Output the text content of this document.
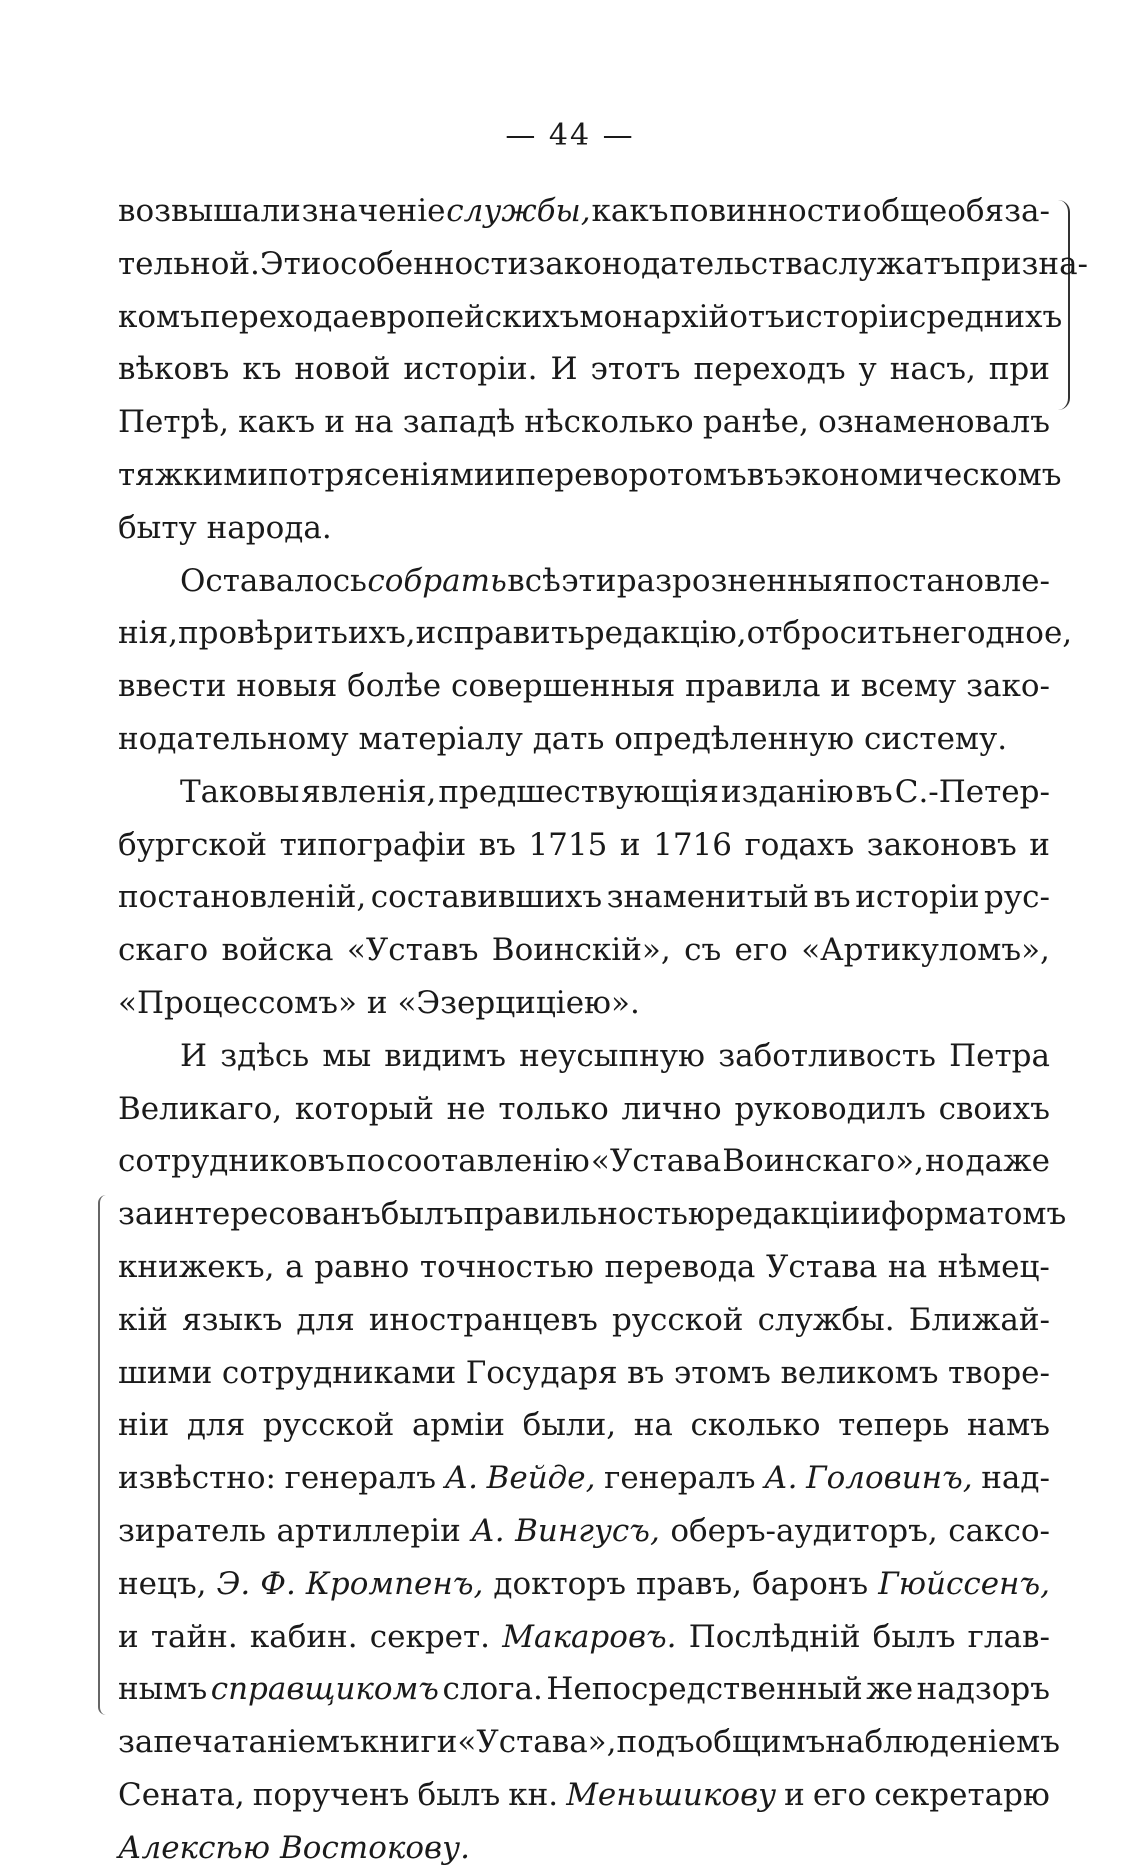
— 44 —
возвышали значеніе службы, какъ повинности общеобяза-
тельной. Эти особенности законодательства служатъ призна-
комъ перехода европейскихъ монархій отъ исторіи среднихъ
вѣковъ къ новой исторіи. И этотъ переходъ у насъ, при
Петрѣ, какъ и на западѣ нѣсколько ранѣе, ознаменовалъ
тяжкими потрясеніями и переворотомъ въ экономическомъ
быту народа.
Оставалось собрать всѣ эти разрозненныя постановле-
нія, провѣрить ихъ, исправить редакцію, отбросить негодное,
ввести новыя болѣе совершенныя правила и всему зако-
нодательному матеріалу дать опредѣленную систему.
Таковы явленія, предшествующія изданію въ С.-Петер-
бургской типографіи въ 1715 и 1716 годахъ законовъ и
постановленій, составившихъ знаменитый въ исторіи рус-
скаго войска «Уставъ Воинскій», съ его «Артикуломъ»,
«Процессомъ» и «Эзерциціею».
И здѣсь мы видимъ неусыпную заботливость Петра
Великаго, который не только лично руководилъ своихъ
сотрудниковъ по соотавленію «Устава Воинскаго», но даже
заинтересованъ былъ правильностью редакціи и форматомъ
книжекъ, а равно точностью перевода Устава на нѣмец-
кій языкъ для иностранцевъ русской службы. Ближай-
шими сотрудниками Государя въ этомъ великомъ творе-
ніи для русской арміи были, на сколько теперь намъ
извѣстно: генералъ А. Вейде, генералъ А. Головинъ, над-
зиратель артиллеріи А. Вингусъ, оберъ-аудиторъ, саксо-
нецъ, Э. Ф. Кромпенъ, докторъ правъ, баронъ Гюйссенъ,
и тайн. кабин. секрет. Макаровъ. Послѣдній былъ глав-
нымъ справщикомъ слога. Непосредственный же надзоръ
за печатаніемъ книги «Устава», подъ общимъ наблюденіемъ
Сената, порученъ былъ кн. Меньшикову и его секретарю
Алексѣю Востокову.
